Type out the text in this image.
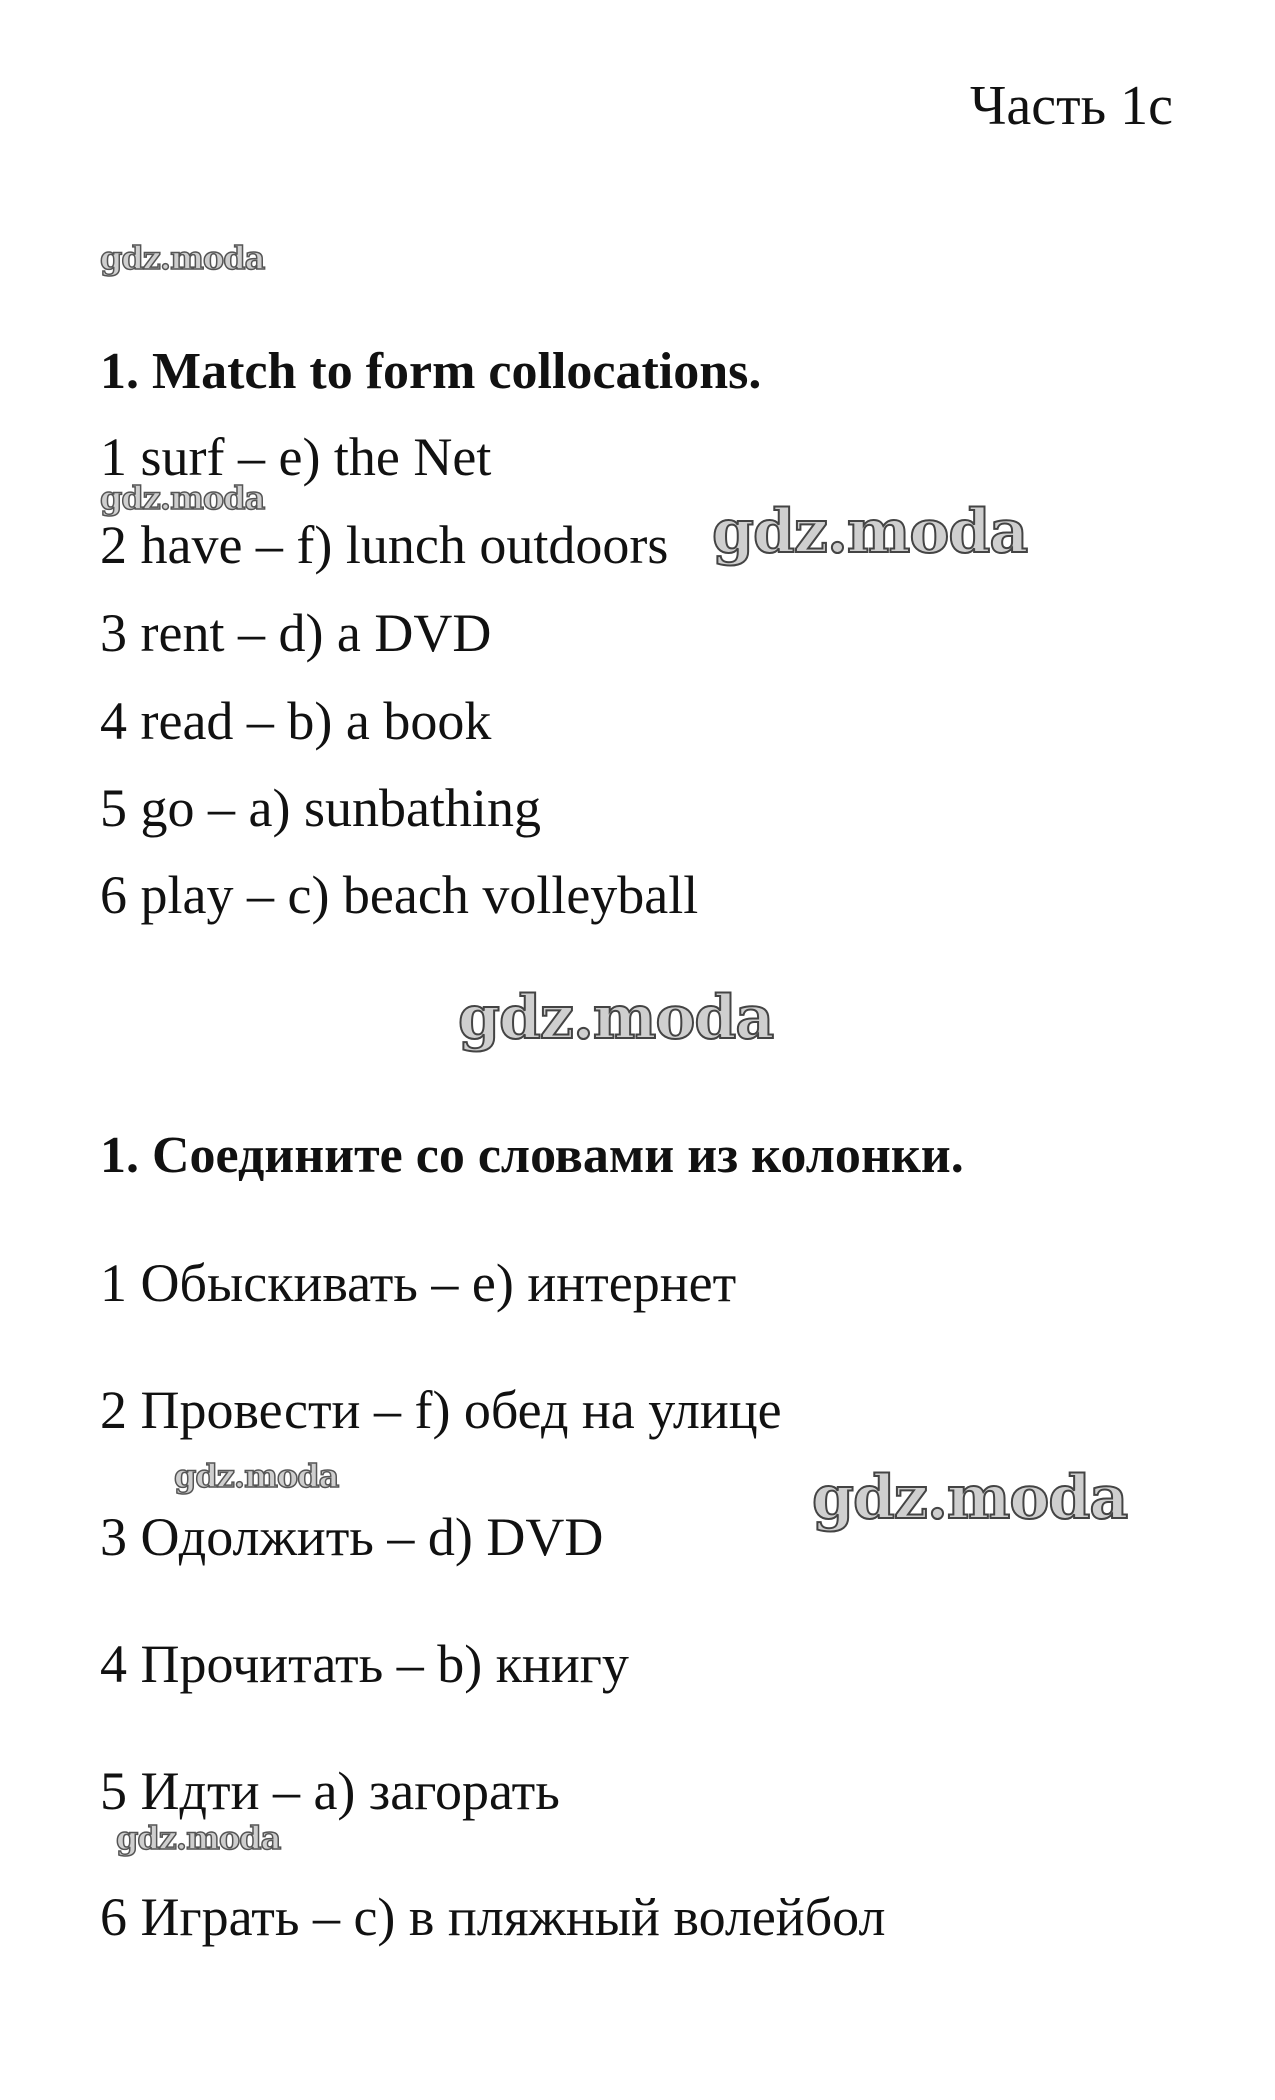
Часть 1c
gdz.moda
gdz.moda	gdz.moda
gdz.moda
gdz.moda	gdz.moda
gdz.moda
1. Match to form collocations.
1 surf – e) the Net
2 have – f) lunch outdoors
3 rent – d) a DVD
4 read – b) a book
5 go – a) sunbathing
6 play – c) beach volleyball
1. Соедините со словами из колонки.
1 Обыскивать – e) интернет
2 Провести – f) обед на улице
3 Одолжить – d) DVD
4 Прочитать – b) книгу
5 Идти – a) загорать
6 Играть – c) в пляжный волейбол
